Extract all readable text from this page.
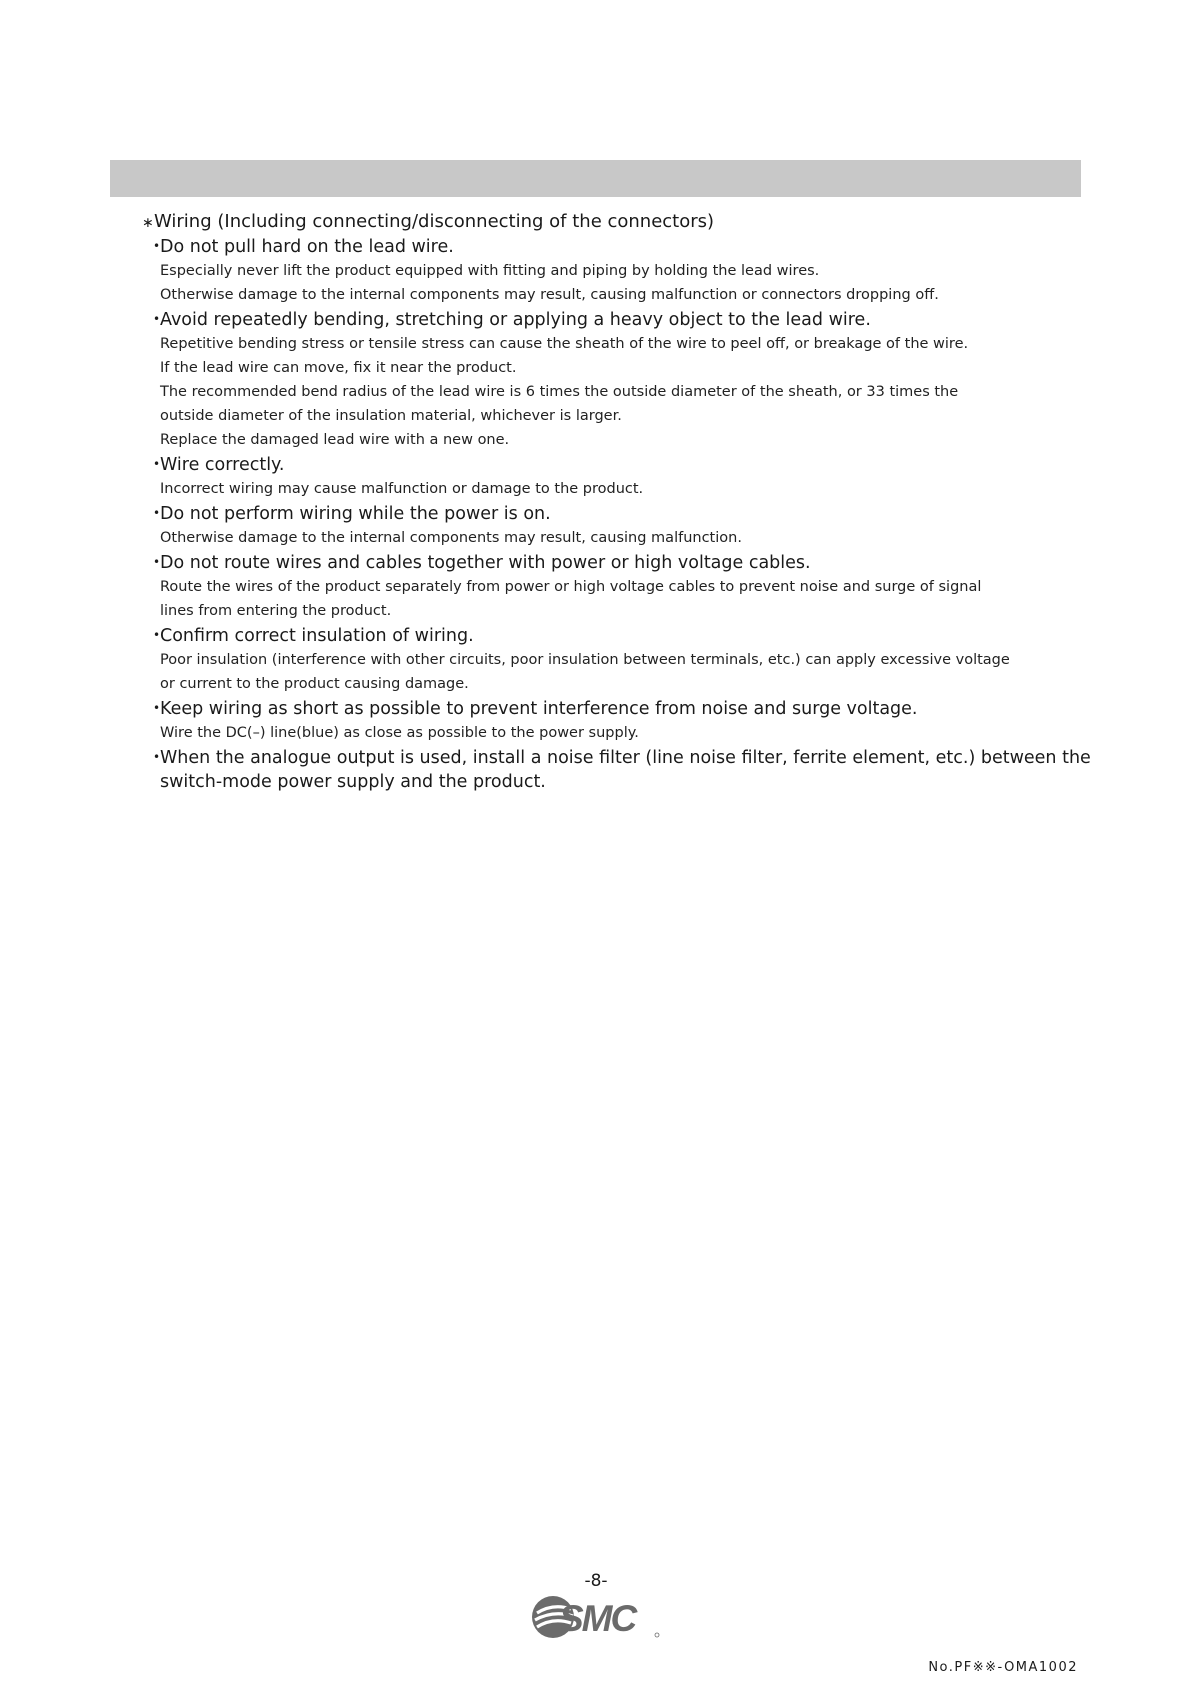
∗Wiring (Including connecting/disconnecting of the connectors)
•Do not pull hard on the lead wire.
Especially never lift the product equipped with fitting and piping by holding the lead wires.
Otherwise damage to the internal components may result, causing malfunction or connectors dropping off.
•Avoid repeatedly bending, stretching or applying a heavy object to the lead wire.
Repetitive bending stress or tensile stress can cause the sheath of the wire to peel off, or breakage of the wire.
If the lead wire can move, fix it near the product.
The recommended bend radius of the lead wire is 6 times the outside diameter of the sheath, or 33 times the
outside diameter of the insulation material, whichever is larger.
Replace the damaged lead wire with a new one.
•Wire correctly.
Incorrect wiring may cause malfunction or damage to the product.
•Do not perform wiring while the power is on.
Otherwise damage to the internal components may result, causing malfunction.
•Do not route wires and cables together with power or high voltage cables.
Route the wires of the product separately from power or high voltage cables to prevent noise and surge of signal
lines from entering the product.
•Confirm correct insulation of wiring.
Poor insulation (interference with other circuits, poor insulation between terminals, etc.) can apply excessive voltage
or current to the product causing damage.
•Keep wiring as short as possible to prevent interference from noise and surge voltage.
Wire the DC(–) line(blue) as close as possible to the power supply.
•When the analogue output is used, install a noise filter (line noise filter, ferrite element, etc.) between the
switch-mode power supply and the product.
-8-
SMC
No.PF※※-OMA1002
